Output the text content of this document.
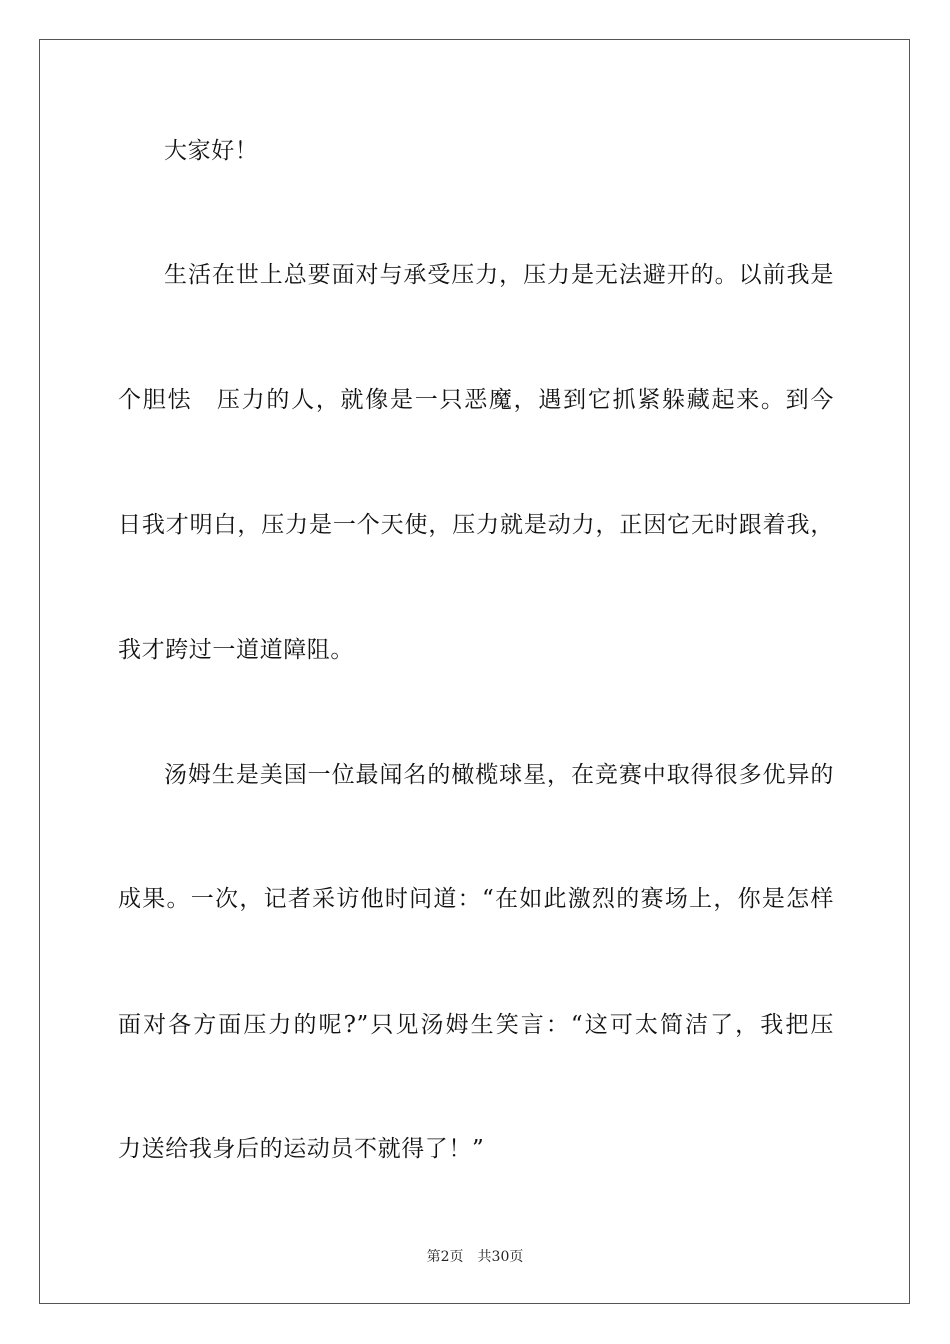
大家好！
生活在世上总要面对与承受压力，压力是无法避开的。以前我是
个胆怯　压力的人，就像是一只恶魔，遇到它抓紧躲藏起来。到今
日我才明白，压力是一个天使，压力就是动力，正因它无时跟着我，
我才跨过一道道障阻。
汤姆生是美国一位最闻名的橄榄球星，在竞赛中取得很多优异的
成果。一次，记者采访他时问道：“在如此激烈的赛场上，你是怎样
面对各方面压力的呢?”只见汤姆生笑言：“这可太简洁了，我把压
力送给我身后的运动员不就得了！”
第2页　共30页
